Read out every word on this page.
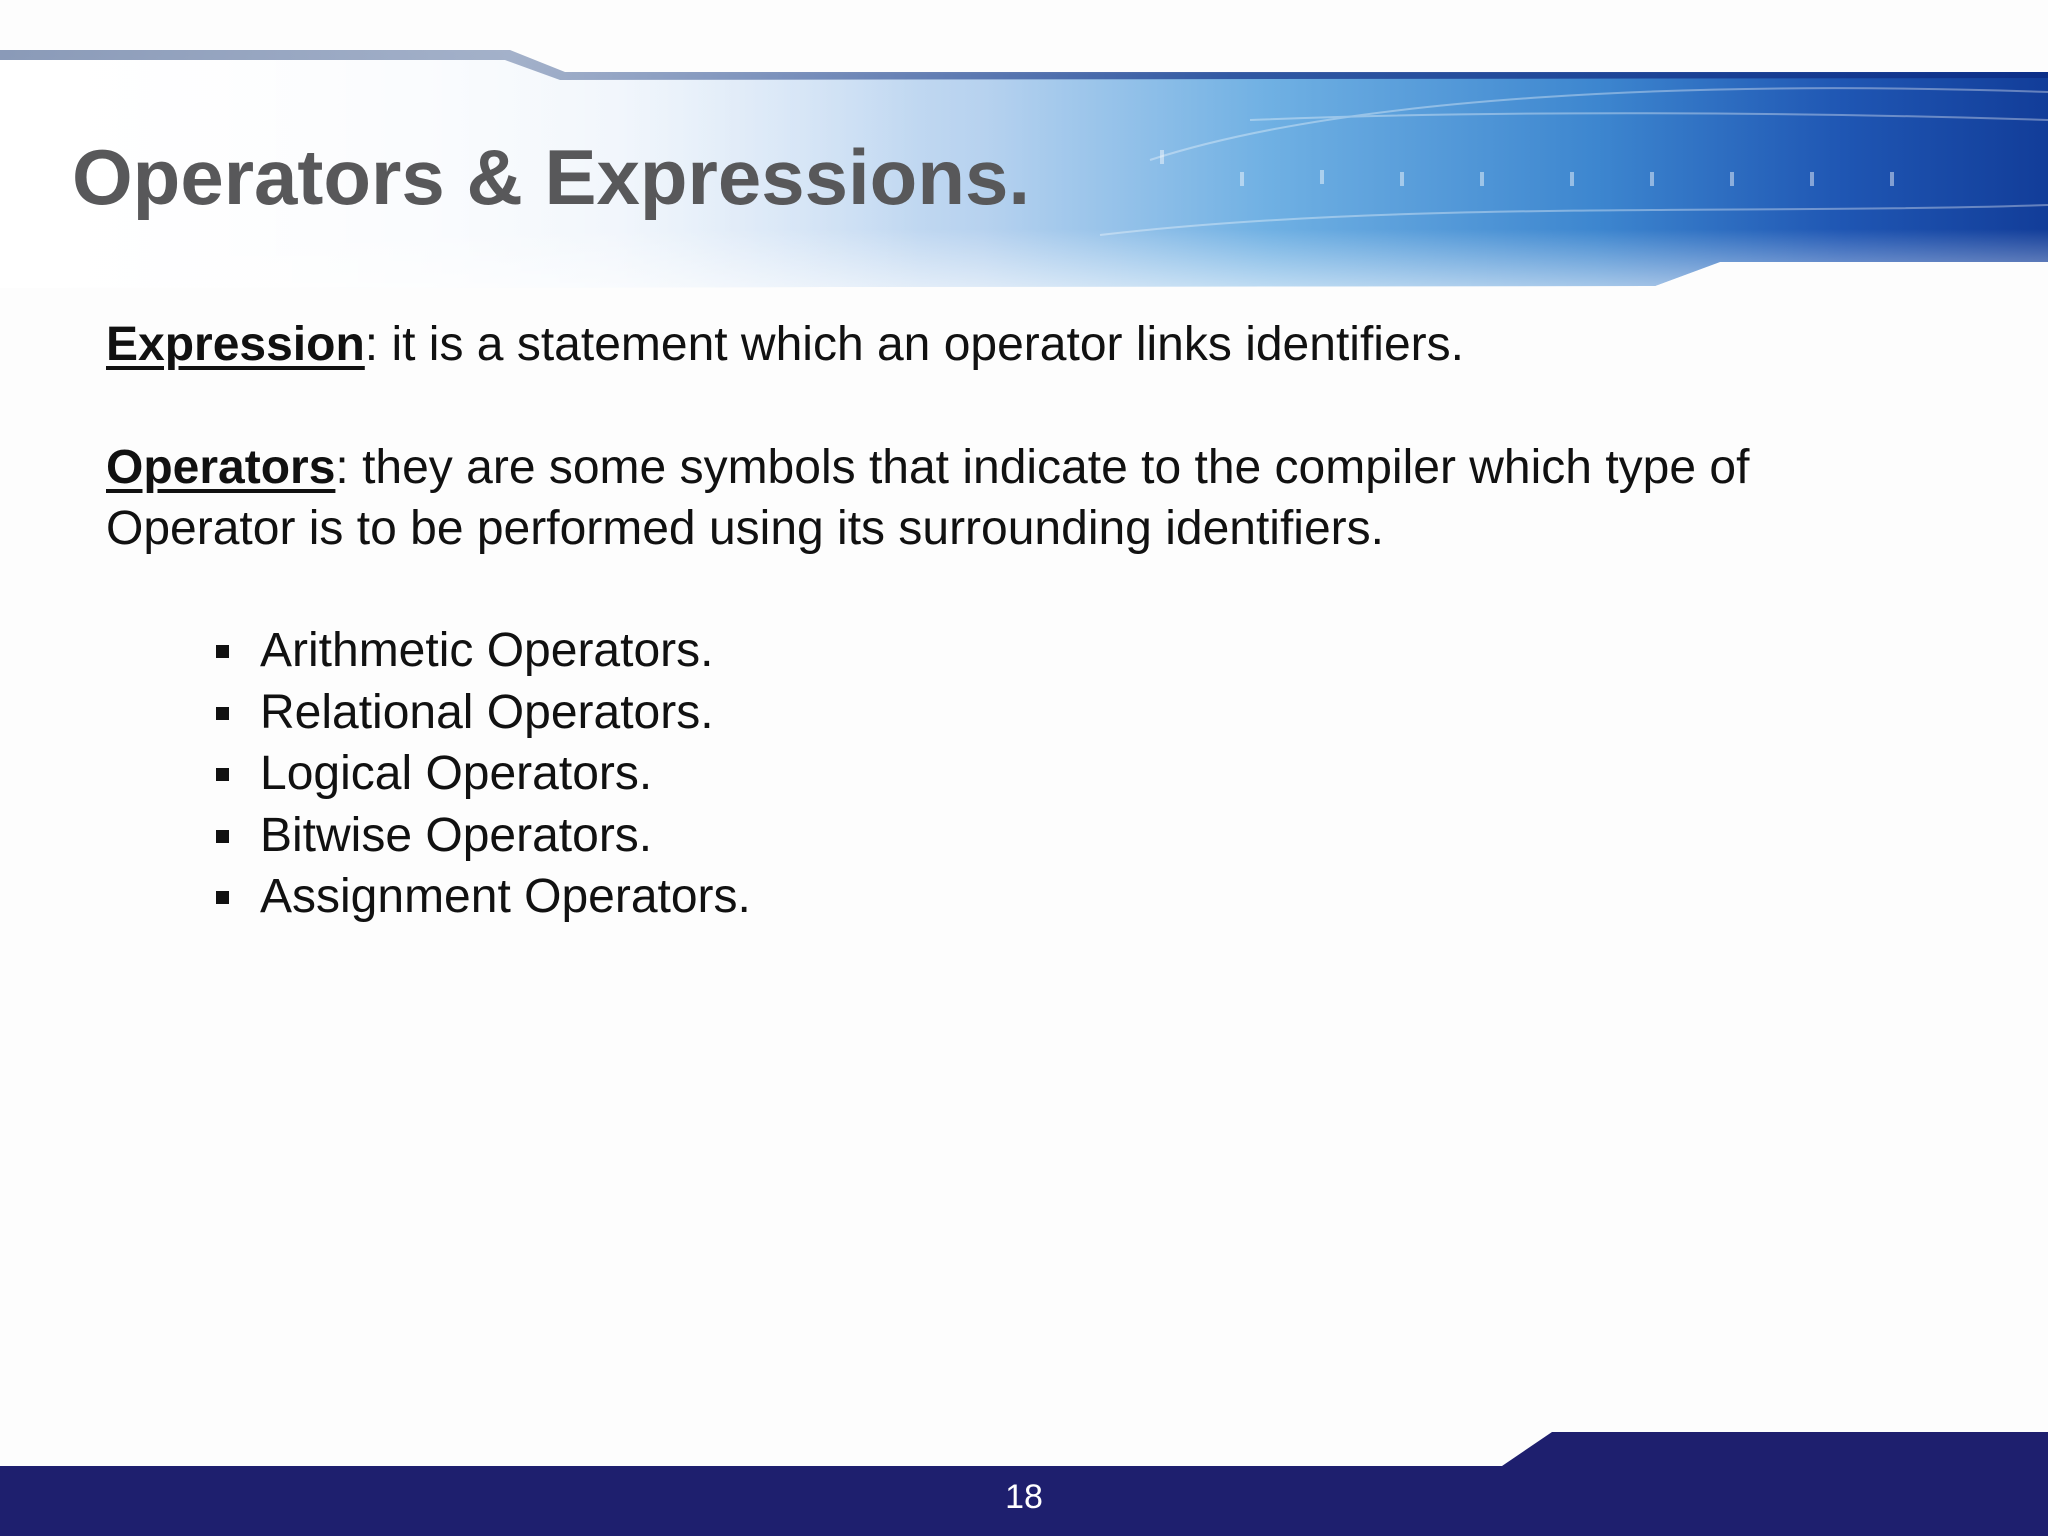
Operators & Expressions.

Expression: it is a statement which an operator links identifiers.

Operators: they are some symbols that indicate to the compiler which type of Operator is to be performed using its surrounding identifiers.

Arithmetic Operators.
Relational Operators.
Logical Operators.
Bitwise Operators.
Assignment Operators.
18
